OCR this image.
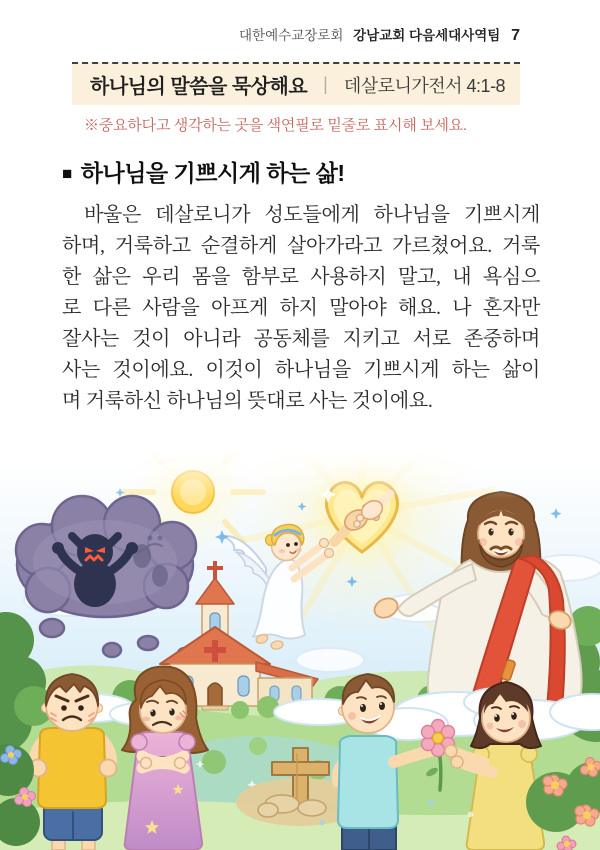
대한예수교장로회 강남교회 다음세대사역팀 7
하나님의 말씀을 묵상해요 | 데살로니가전서 4:1-8
※중요하다고 생각하는 곳을 색연필로 밑줄로 표시해 보세요.
■ 하나님을 기쁘시게 하는 삶!
바울은 데살로니가 성도들에게 하나님을 기쁘시게
하며, 거룩하고 순결하게 살아가라고 가르쳤어요. 거룩
한 삶은 우리 몸을 함부로 사용하지 말고, 내 욕심으
로 다른 사람을 아프게 하지 말아야 해요. 나 혼자만
잘사는 것이 아니라 공동체를 지키고 서로 존중하며
사는 것이에요. 이것이 하나님을 기쁘시게 하는 삶이
며 거룩하신 하나님의 뜻대로 사는 것이에요.
